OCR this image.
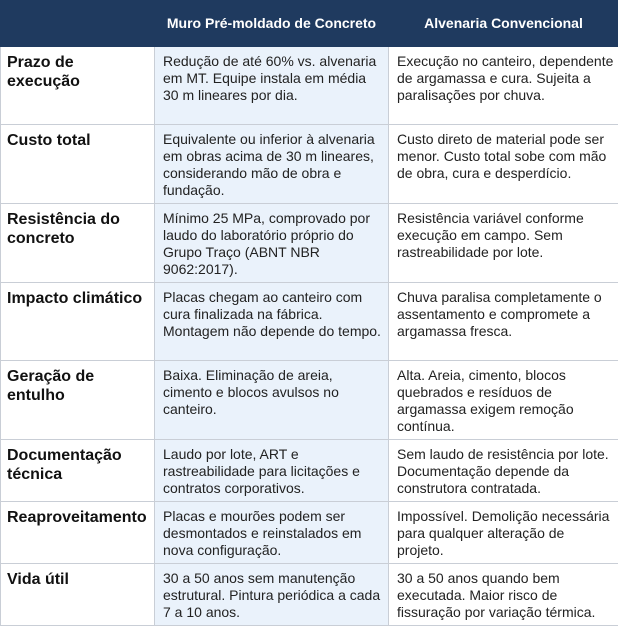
	Muro Pré-moldado de Concreto	Alvenaria Convencional
Prazo de execução	Redução de até 60% vs. alvenaria em MT. Equipe instala em média 30 m lineares por dia.	Execução no canteiro, dependente de argamassa e cura. Sujeita a paralisações por chuva.
Custo total	Equivalente ou inferior à alvenaria em obras acima de 30 m lineares, considerando mão de obra e fundação.	Custo direto de material pode ser menor. Custo total sobe com mão de obra, cura e desperdício.
Resistência do concreto	Mínimo 25 MPa, comprovado por laudo do laboratório próprio do Grupo Traço (ABNT NBR 9062:2017).	Resistência variável conforme execução em campo. Sem rastreabilidade por lote.
Impacto climático	Placas chegam ao canteiro com cura finalizada na fábrica. Montagem não depende do tempo.	Chuva paralisa completamente o assentamento e compromete a argamassa fresca.
Geração de entulho	Baixa. Eliminação de areia, cimento e blocos avulsos no canteiro.	Alta. Areia, cimento, blocos quebrados e resíduos de argamassa exigem remoção contínua.
Documentação técnica	Laudo por lote, ART e rastreabilidade para licitações e contratos corporativos.	Sem laudo de resistência por lote. Documentação depende da construtora contratada.
Reaproveitamento	Placas e mourões podem ser desmontados e reinstalados em nova configuração.	Impossível. Demolição necessária para qualquer alteração de projeto.
Vida útil	30 a 50 anos sem manutenção estrutural. Pintura periódica a cada 7 a 10 anos.	30 a 50 anos quando bem executada. Maior risco de fissuração por variação térmica.
